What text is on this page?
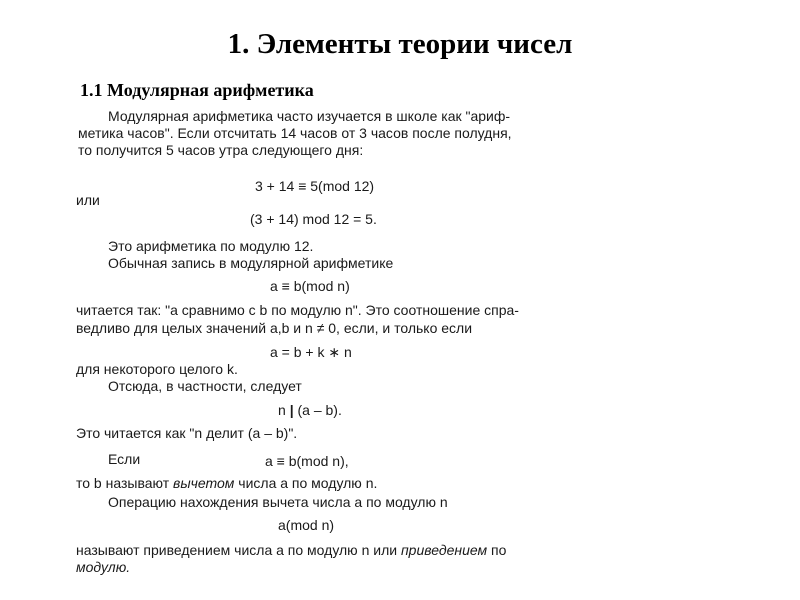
1. Элементы теории чисел
1.1 Модулярная арифметика
Модулярная арифметика часто изучается в школе как "ариф-
метика часов". Если отсчитать 14 часов от 3 часов после полудня,
то получится 5 часов утра следующего дня:
3 + 14 ≡ 5(mod 12)
или
(3 + 14) mod 12 = 5.
Это арифметика по модулю 12.
Обычная запись в модулярной арифметике
a ≡ b(mod n)
читается так: "a сравнимо с b по модулю n". Это соотношение спра-
ведливо для целых значений a,b и n ≠ 0, если, и только если
a = b + k ∗ n
для некоторого целого k.
Отсюда, в частности, следует
n | (a – b).
Это читается как "n делит (a – b)".
Если	a ≡ b(mod n),
то b называют вычетом числа a по модулю n.
Операцию нахождения вычета числа a по модулю n
a(mod n)
называют приведением числа a по модулю n или приведением по
модулю.
